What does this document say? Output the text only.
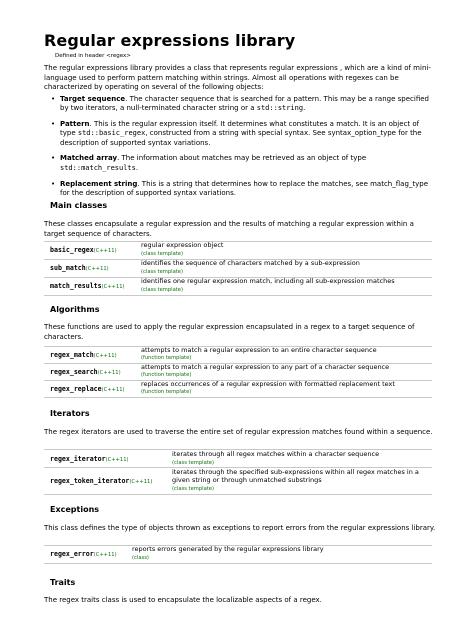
Regular expressions library
Defined in header <regex>
The regular expressions library provides a class that represents regular expressions , which are a kind of mini-language used to perform pattern matching within strings. Almost all operations with regexes can be characterized by operating on several of the following objects:
• Target sequence. The character sequence that is searched for a pattern. This may be a range specified by two iterators, a null-terminated character string or a std::string.
• Pattern. This is the regular expression itself. It determines what constitutes a match. It is an object of type std::basic_regex, constructed from a string with special syntax. See syntax_option_type for the description of supported syntax variations.
• Matched array. The information about matches may be retrieved as an object of type std::match_results.
• Replacement string. This is a string that determines how to replace the matches, see match_flag_type for the description of supported syntax variations.
Main classes
These classes encapsulate a regular expression and the results of matching a regular expression within a target sequence of characters.
basic_regex(C++11)
regular expression object
(class template)
sub_match(C++11)
identifies the sequence of characters matched by a sub-expression
(class template)
match_results(C++11)
identifies one regular expression match, including all sub-expression matches
(class template)
Algorithms
These functions are used to apply the regular expression encapsulated in a regex to a target sequence of characters.
regex_match(C++11)
attempts to match a regular expression to an entire character sequence
(function template)
regex_search(C++11)
attempts to match a regular expression to any part of a character sequence
(function template)
regex_replace(C++11)
replaces occurrences of a regular expression with formatted replacement text
(function template)
Iterators
The regex iterators are used to traverse the entire set of regular expression matches found within a sequence.
regex_iterator(C++11)
iterates through all regex matches within a character sequence
(class template)
regex_token_iterator(C++11)
iterates through the specified sub-expressions within all regex matches in a given string or through unmatched substrings
(class template)
Exceptions
This class defines the type of objects thrown as exceptions to report errors from the regular expressions library.
regex_error(C++11)
reports errors generated by the regular expressions library
(class)
Traits
The regex traits class is used to encapsulate the localizable aspects of a regex.
